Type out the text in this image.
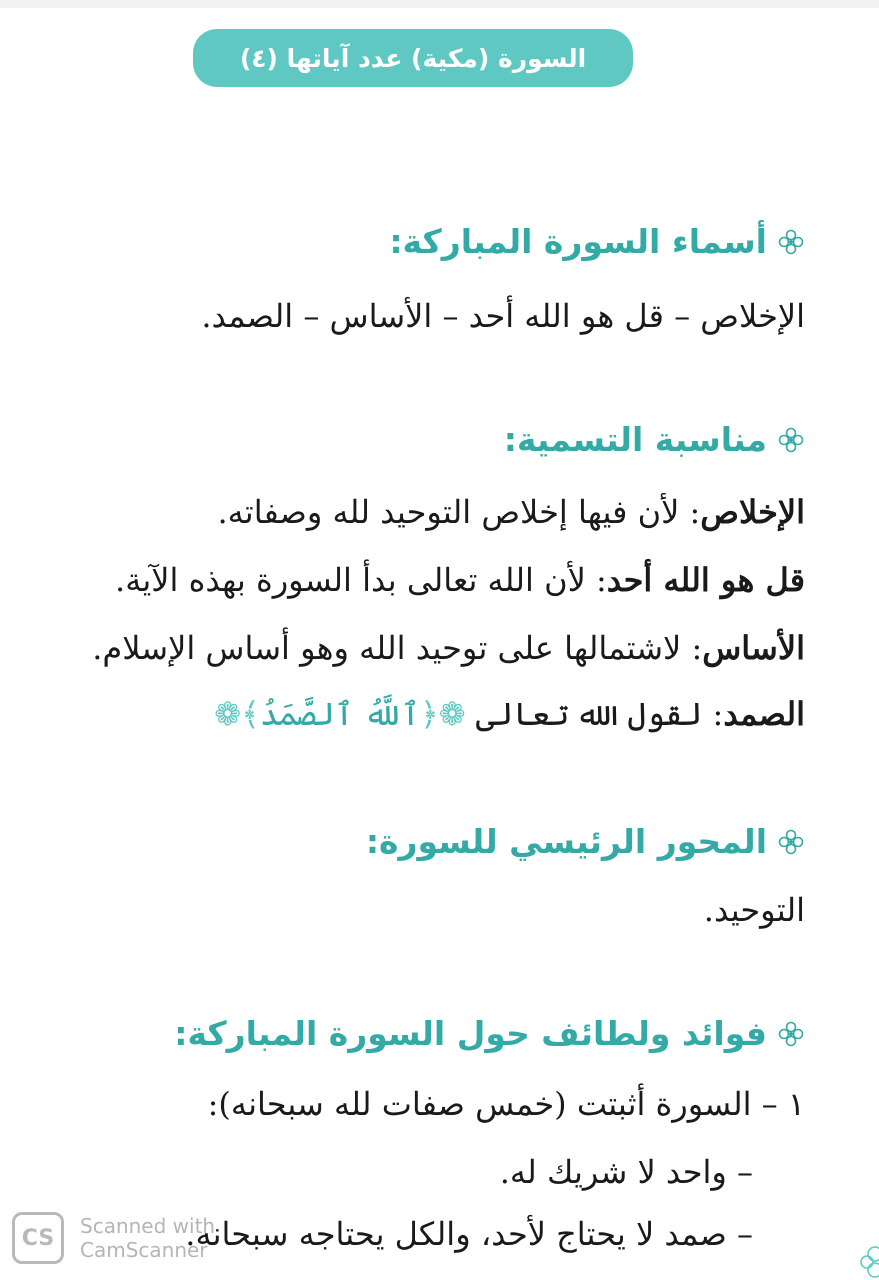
السورة (مكية) عدد آياتها (٤)
أسماء السورة المباركة:
الإخلاص – قل هو الله أحد – الأساس – الصمد.
مناسبة التسمية:
الإخلاص: لأن فيها إخلاص التوحيد لله وصفاته.
قل هو الله أحد: لأن الله تعالى بدأ السورة بهذه الآية.
الأساس: لاشتمالها على توحيد الله وهو أساس الإسلام.
الصمد: لقول الله تعالى ❁﴿ٱللَّهُ ٱلصَّمَدُ﴾❁
المحور الرئيسي للسورة:
التوحيد.
فوائد ولطائف حول السورة المباركة:
١ – السورة أثبتت (خمس صفات لله سبحانه):
– واحد لا شريك له.
– صمد لا يحتاج لأحد، والكل يحتاجه سبحانه.
CS Scanned with
CamScanner
